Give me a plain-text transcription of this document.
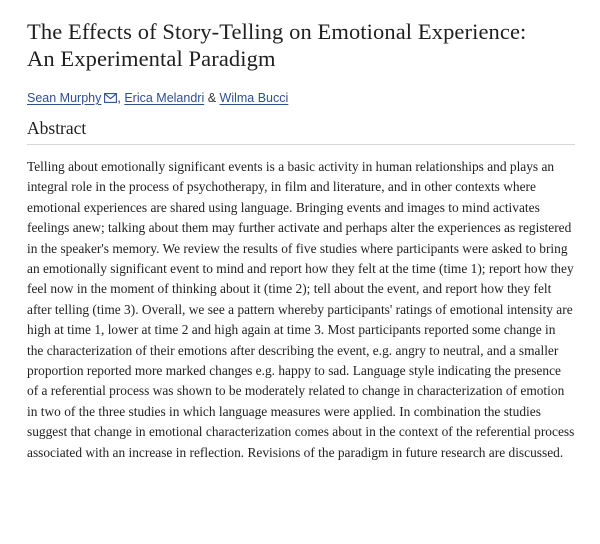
The Effects of Story-Telling on Emotional Experience:
An Experimental Paradigm
Sean Murphy , Erica Melandri & Wilma Bucci
Abstract

Telling about emotionally significant events is a basic activity in human relationships and plays an integral role in the process of psychotherapy, in film and literature, and in other contexts where emotional experiences are shared using language. Bringing events and images to mind activates feelings anew; talking about them may further activate and perhaps alter the experiences as registered in the speaker's memory. We review the results of five studies where participants were asked to bring an emotionally significant event to mind and report how they felt at the time (time 1); report how they feel now in the moment of thinking about it (time 2); tell about the event, and report how they felt after telling (time 3). Overall, we see a pattern whereby participants' ratings of emotional intensity are high at time 1, lower at time 2 and high again at time 3. Most participants reported some change in the characterization of their emotions after describing the event, e.g. angry to neutral, and a smaller proportion reported more marked changes e.g. happy to sad. Language style indicating the presence of a referential process was shown to be moderately related to change in characterization of emotion in two of the three studies in which language measures were applied. In combination the studies suggest that change in emotional characterization comes about in the context of the referential process associated with an increase in reflection. Revisions of the paradigm in future research are discussed.
